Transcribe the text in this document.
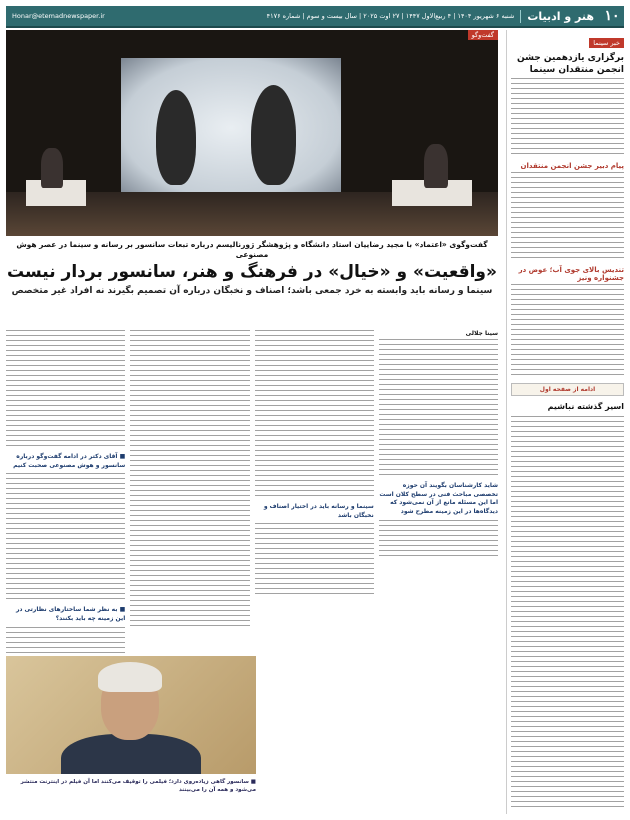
۱۰
هنر و ادبیات
شنبه ۶ شهریور ۱۴۰۴ | ۴ ربیع‌الاول ۱۴۴۷ | ۲۷ اوت ۲۰۲۵ | سال بیست و سوم | شماره ۴۱۷۶
Honar@etemadnewspaper.ir
خبر سینما
برگزاری یازدهمین جشن انجمن منتقدان سینما
پیام دبیر جشن انجمن منتقدان
تندیس بالای جوی آب؛ عوض در جشنواره ونیز
ادامه از صفحه اول
اسیر گذشته نباشیم
گفت‌وگو
گفت‌وگوی «اعتماد» با مجید رضاییان استاد دانشگاه و پژوهشگر ژورنالیسم درباره تبعات سانسور بر رسانه و سینما در عصر هوش مصنوعی
«واقعیت» و «خیال» در فرهنگ و هنر، سانسور بردار نیست
سینما و رسانه باید وابسته به خرد جمعی باشد؛ اصناف و نخبگان درباره آن تصمیم بگیرند نه افراد غیر متخصص
سینا جلالی
شاید کارشناسان بگویند آن حوزه تخصصی مباحث فنی در سطح کلان است اما این مسئله مانع از آن نمی‌شود که دیدگاه‌ها در این زمینه مطرح شود
سینما و رسانه باید در اختیار اصناف و نخبگان باشد
■ آقای دکتر در ادامه گفت‌وگو درباره سانسور و هوش مصنوعی صحبت کنیم
■ به نظر شما ساختارهای نظارتی در این زمینه چه باید بکنند؟
■ سانسور گاهی زیاده‌روی دارد؛ فیلمی را توقیف می‌کنند اما آن فیلم در اینترنت منتشر می‌شود و همه آن را می‌بینند
